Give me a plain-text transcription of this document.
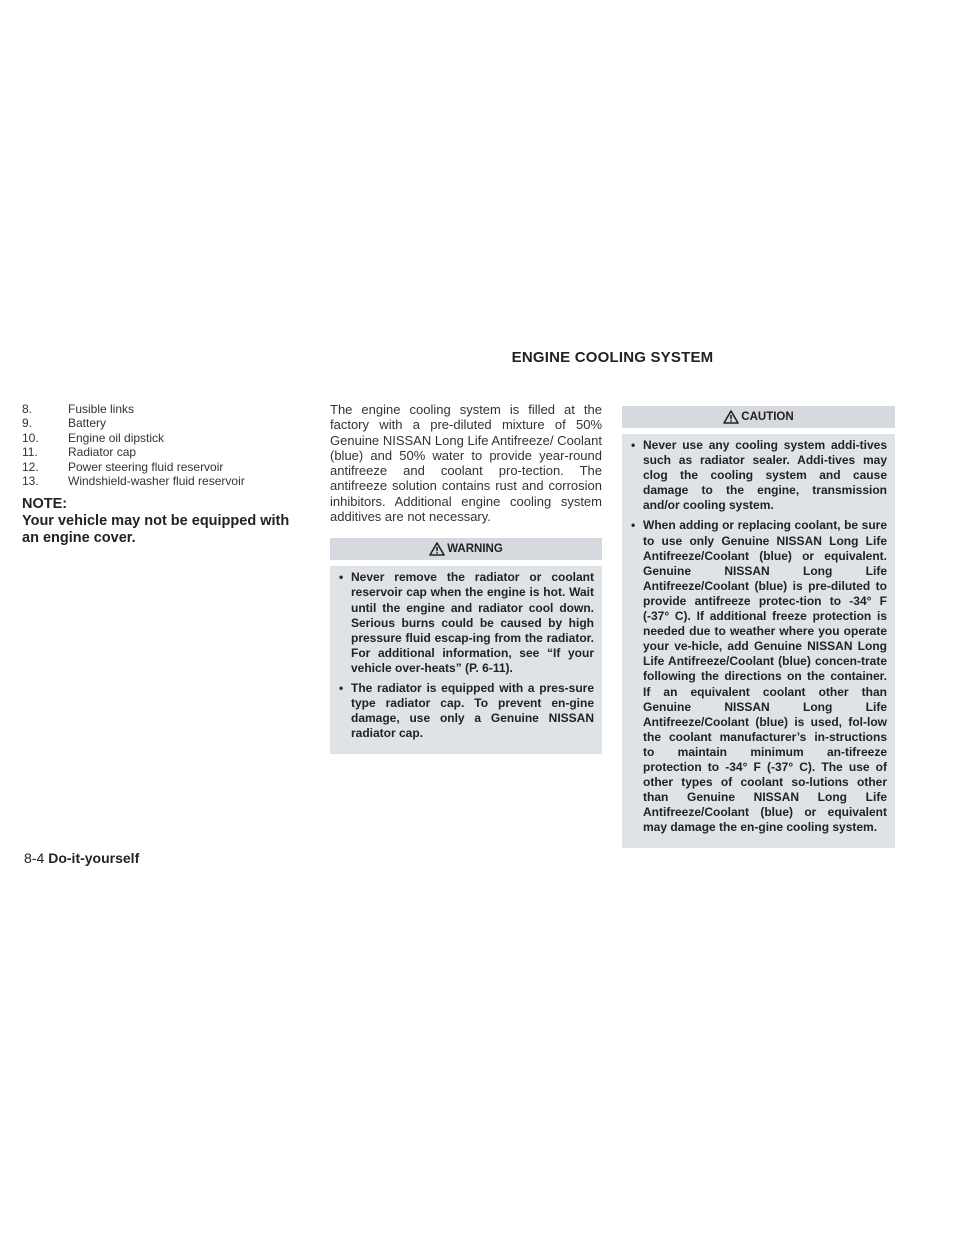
ENGINE COOLING SYSTEM
8.	Fusible links
9.	Battery
10.	Engine oil dipstick
11.	Radiator cap
12.	Power steering fluid reservoir
13.	Windshield-washer fluid reservoir
NOTE:
Your vehicle may not be equipped with an engine cover.

The engine cooling system is filled at the factory with a pre-diluted mixture of 50% Genuine NISSAN Long Life Antifreeze/ Coolant (blue) and 50% water to provide year-round antifreeze and coolant pro-tection. The antifreeze solution contains rust and corrosion inhibitors. Additional engine cooling system additives are not necessary.

WARNING
• Never remove the radiator or coolant reservoir cap when the engine is hot. Wait until the engine and radiator cool down. Serious burns could be caused by high pressure fluid escap-ing from the radiator. For additional information, see “If your vehicle over-heats” (P. 6-11).
• The radiator is equipped with a pres-sure type radiator cap. To prevent en-gine damage, use only a Genuine NISSAN radiator cap.
CAUTION
• Never use any cooling system addi-tives such as radiator sealer. Addi-tives may clog the cooling system and cause damage to the engine, transmission and/or cooling system.
• When adding or replacing coolant, be sure to use only Genuine NISSAN Long Life Antifreeze/Coolant (blue) or equivalent. Genuine NISSAN Long Life Antifreeze/Coolant (blue) is pre-diluted to provide antifreeze protec-tion to -34° F (-37° C). If additional freeze protection is needed due to weather where you operate your ve-hicle, add Genuine NISSAN Long Life Antifreeze/Coolant (blue) concen-trate following the directions on the container. If an equivalent coolant other than Genuine NISSAN Long Life Antifreeze/Coolant (blue) is used, fol-low the coolant manufacturer’s in-structions to maintain minimum an-tifreeze protection to -34° F (-37° C). The use of other types of coolant so-lutions other than Genuine NISSAN Long Life Antifreeze/Coolant (blue) or equivalent may damage the en-gine cooling system.
8-4 Do-it-yourself
